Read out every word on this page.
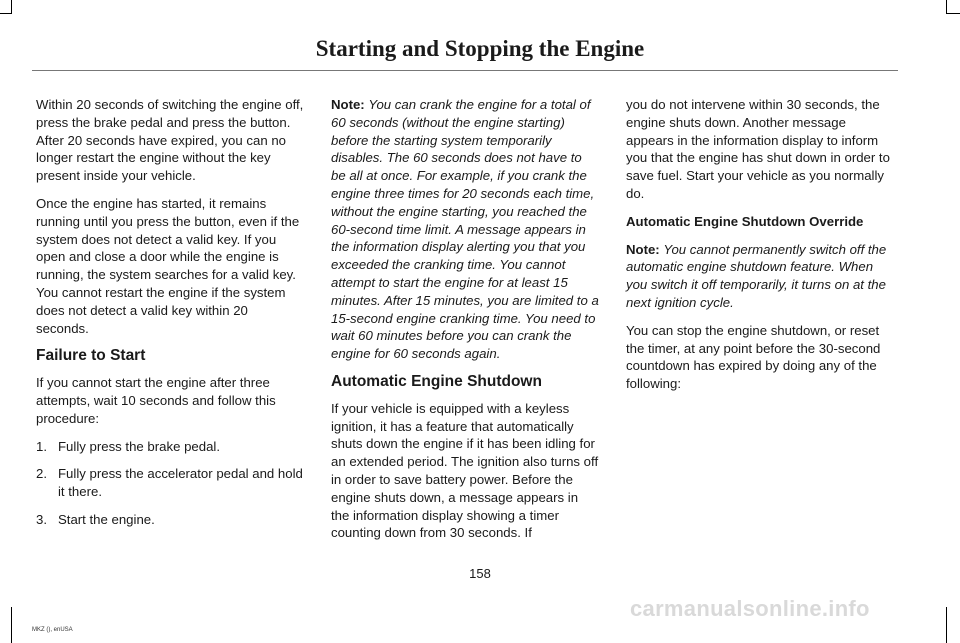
Starting and Stopping the Engine

Within 20 seconds of switching the engine off, press the brake pedal and press the button. After 20 seconds have expired, you can no longer restart the engine without the key present inside your vehicle.

Once the engine has started, it remains running until you press the button, even if the system does not detect a valid key. If you open and close a door while the engine is running, the system searches for a valid key. You cannot restart the engine if the system does not detect a valid key within 20 seconds.

Failure to Start

If you cannot start the engine after three attempts, wait 10 seconds and follow this procedure:

1. Fully press the brake pedal.
2. Fully press the accelerator pedal and hold it there.
3. Start the engine.

Note: You can crank the engine for a total of 60 seconds (without the engine starting) before the starting system temporarily disables. The 60 seconds does not have to be all at once. For example, if you crank the engine three times for 20 seconds each time, without the engine starting, you reached the 60-second time limit. A message appears in the information display alerting you that you exceeded the cranking time. You cannot attempt to start the engine for at least 15 minutes. After 15 minutes, you are limited to a 15-second engine cranking time. You need to wait 60 minutes before you can crank the engine for 60 seconds again.

Automatic Engine Shutdown

If your vehicle is equipped with a keyless ignition, it has a feature that automatically shuts down the engine if it has been idling for an extended period. The ignition also turns off in order to save battery power. Before the engine shuts down, a message appears in the information display showing a timer counting down from 30 seconds. If

you do not intervene within 30 seconds, the engine shuts down. Another message appears in the information display to inform you that the engine has shut down in order to save fuel. Start your vehicle as you normally do.

Automatic Engine Shutdown Override

Note: You cannot permanently switch off the automatic engine shutdown feature. When you switch it off temporarily, it turns on at the next ignition cycle.

You can stop the engine shutdown, or reset the timer, at any point before the 30-second countdown has expired by doing any of the following:

158
MKZ (), enUSA
carmanualsonline.info
